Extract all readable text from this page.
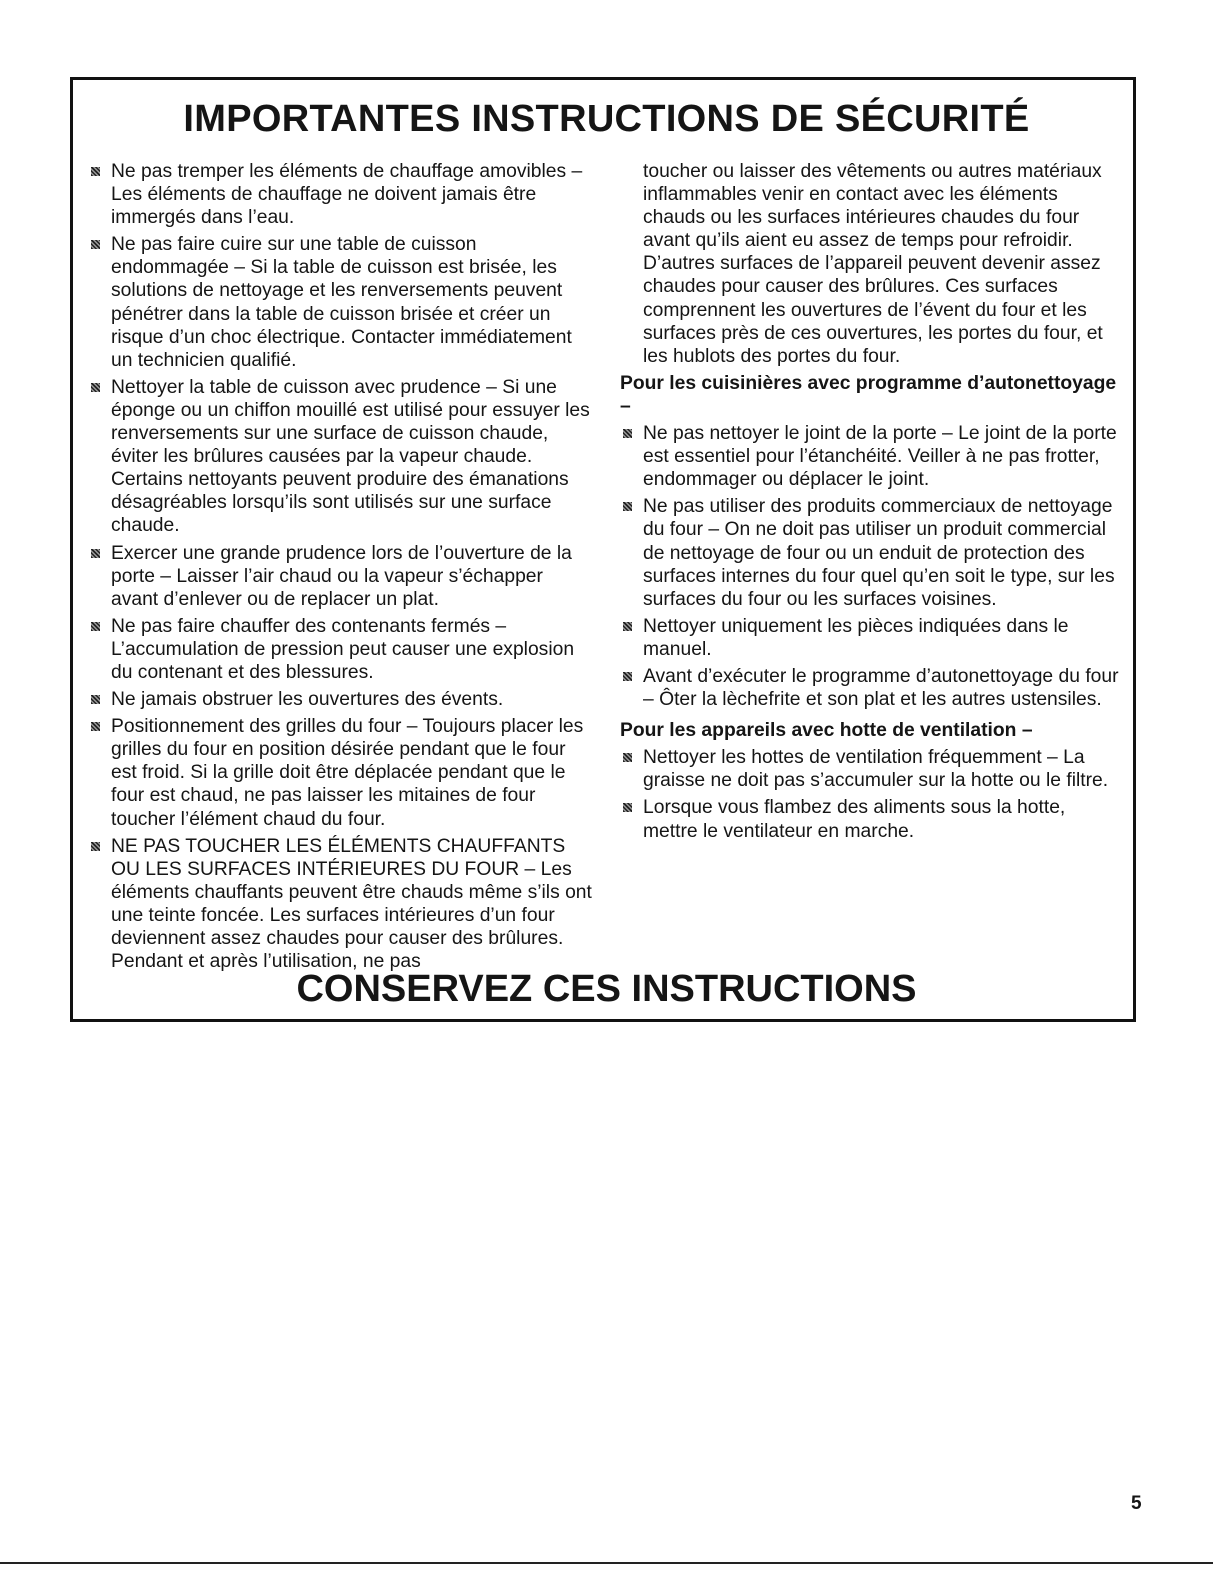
IMPORTANTES INSTRUCTIONS DE SÉCURITÉ
Ne pas tremper les éléments de chauffage amovibles – Les éléments de chauffage ne doivent jamais être immergés dans l’eau.
Ne pas faire cuire sur une table de cuisson endommagée – Si la table de cuisson est brisée, les solutions de nettoyage et les renversements peuvent pénétrer dans la table de cuisson brisée et créer un risque d’un choc électrique. Contacter immédiatement un technicien qualifié.
Nettoyer la table de cuisson avec prudence – Si une éponge ou un chiffon mouillé est utilisé pour essuyer les renversements sur une surface de cuisson chaude, éviter les brûlures causées par la vapeur chaude. Certains nettoyants peuvent produire des émanations désagréables lorsqu’ils sont utilisés sur une surface chaude.
Exercer une grande prudence lors de l’ouverture de la porte – Laisser l’air chaud ou la vapeur s’échapper avant d’enlever ou de replacer un plat.
Ne pas faire chauffer des contenants fermés – L’accumulation de pression peut causer une explosion du contenant et des blessures.
Ne jamais obstruer les ouvertures des évents.
Positionnement des grilles du four – Toujours placer les grilles du four en position désirée pendant que le four est froid. Si la grille doit être déplacée pendant que le four est chaud, ne pas laisser les mitaines de four toucher l’élément chaud du four.
NE PAS TOUCHER LES ÉLÉMENTS CHAUFFANTS OU LES SURFACES INTÉRIEURES DU FOUR – Les éléments chauffants peuvent être chauds même s’ils ont une teinte foncée. Les surfaces intérieures d’un four deviennent assez chaudes pour causer des brûlures. Pendant et après l’utilisation, ne pas
toucher ou laisser des vêtements ou autres matériaux inflammables venir en contact avec les éléments chauds ou les surfaces intérieures chaudes du four avant qu’ils aient eu assez de temps pour refroidir. D’autres surfaces de l’appareil peuvent devenir assez chaudes pour causer des brûlures. Ces surfaces comprennent les ouvertures de l’évent du four et les surfaces près de ces ouvertures, les portes du four, et les hublots des portes du four.
Pour les cuisinières avec programme d’autonettoyage –
Ne pas nettoyer le joint de la porte – Le joint de la porte est essentiel pour l’étanchéité. Veiller à ne pas frotter, endommager ou déplacer le joint.
Ne pas utiliser des produits commerciaux de nettoyage du four – On ne doit pas utiliser un produit commercial de nettoyage de four ou un enduit de protection des surfaces internes du four quel qu’en soit le type, sur les surfaces du four ou les surfaces voisines.
Nettoyer uniquement les pièces indiquées dans le manuel.
Avant d’exécuter le programme d’autonettoyage du four – Ôter la lèchefrite et son plat et les autres ustensiles.
Pour les appareils avec hotte de ventilation –
Nettoyer les hottes de ventilation fréquemment – La graisse ne doit pas s’accumuler sur la hotte ou le filtre.
Lorsque vous flambez des aliments sous la hotte, mettre le ventilateur en marche.
CONSERVEZ CES INSTRUCTIONS
5
